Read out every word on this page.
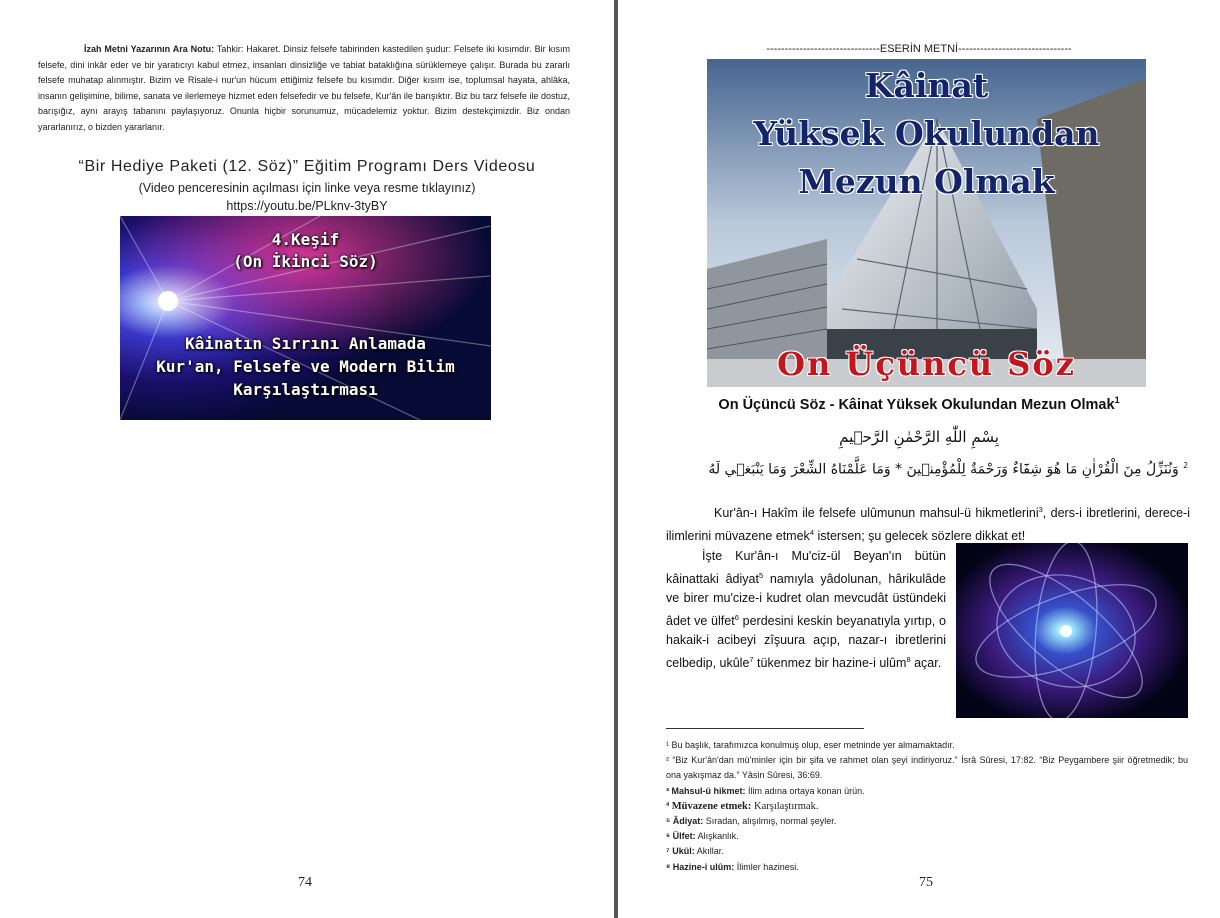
İzah Metni Yazarının Ara Notu: Tahkir: Hakaret. Dinsiz felsefe tabirinden kastedilen şudur: Felsefe iki kısımdır. Bir kısım felsefe, dini inkâr eder ve bir yaratıcıyı kabul etmez, insanları dinsizliğe ve tabiat bataklığına sürüklemeye çalışır. Burada bu zararlı felsefe muhatap alınmıştır. Bizim ve Risale-i nur'un hücum ettiğimiz felsefe bu kısımdır. Diğer kısım ise, toplumsal hayata, ahlâka, insanın gelişimine, bilime, sanata ve ilerlemeye hizmet eden felsefedir ve bu felsefe, Kur'ân ile barışıktır. Biz bu tarz felsefe ile dostuz, barışığız, aynı arayış tabanını paylaşıyoruz. Onunla hiçbir sorunumuz, mücadelemiz yoktur. Bizim destekçimizdir. Biz ondan yararlanırız, o bizden yararlanır.
“Bir Hediye Paketi (12. Söz)” Eğitim Programı Ders Videosu
(Video penceresinin açılması için linke veya resme tıklayınız)
https://youtu.be/PLknv-3tyBY
4.Keşif
(On İkinci Söz)
Kâinatın Sırrını Anlamada
Kur'an, Felsefe ve Modern Bilim
Karşılaştırması
74
-------------------------------ESERİN METNİ-------------------------------
Kâinat
Yüksek Okulundan
Mezun Olmak
On Üçüncü Söz
On Üçüncü Söz - Kâinat Yüksek Okulundan Mezun Olmak$^1$
بِسْمِ اللّٰهِ الرَّحْمٰنِ الرَّح۪يمِ
وَنُنَزِّلُ مِنَ الْقُرْاٰنِ مَا هُوَ شِفَٓاءٌ وَرَحْمَةٌ لِلْمُؤْمِن۪ينَ * وَمَا عَلَّمْنَاهُ الشِّعْرَ وَمَا يَنْبَغ۪ي لَهُ $^2$
Kur'ân-ı Hakîm ile felsefe ulûmunun mahsul-ü hikmetlerini$^3$, ders-i ibretlerini, derece-i ilimlerini müvazene etmek$^4$ istersen; şu gelecek sözlere dikkat et!
İşte Kur'ân-ı Mu'ciz-ül Beyan'ın bütün kâinattaki âdiyat$^5$ namıyla yâdolunan, hârikulâde ve birer mu'cize-i kudret olan mevcudât üstündeki âdet ve ülfet$^6$ perdesini keskin beyanatıyla yırtıp, o hakaik-i acibeyi zîşuura açıp, nazar-ı ibretlerini celbedip, ukûle$^7$ tükenmez bir hazine-i ulûm$^8$ açar.
¹ Bu başlık, tarafımızca konulmuş olup, eser metninde yer almamaktadır.
² “Biz Kur'ân'dan mü'minler için bir şifa ve rahmet olan şeyi indiriyoruz.” İsrâ Sûresi, 17:82. “Biz Peygambere şiir öğretmedik; bu ona yakışmaz da.” Yâsin Sûresi, 36:69.
³ Mahsul-ü hikmet: İlim adına ortaya konan ürün.
⁴ Müvazene etmek: Karşılaştırmak.
⁵ Âdiyat: Sıradan, alışılmış, normal şeyler.
⁶ Ülfet: Alışkanlık.
⁷ Ukûl: Akıllar.
⁸ Hazine-i ulûm: İlimler hazinesi.
75
